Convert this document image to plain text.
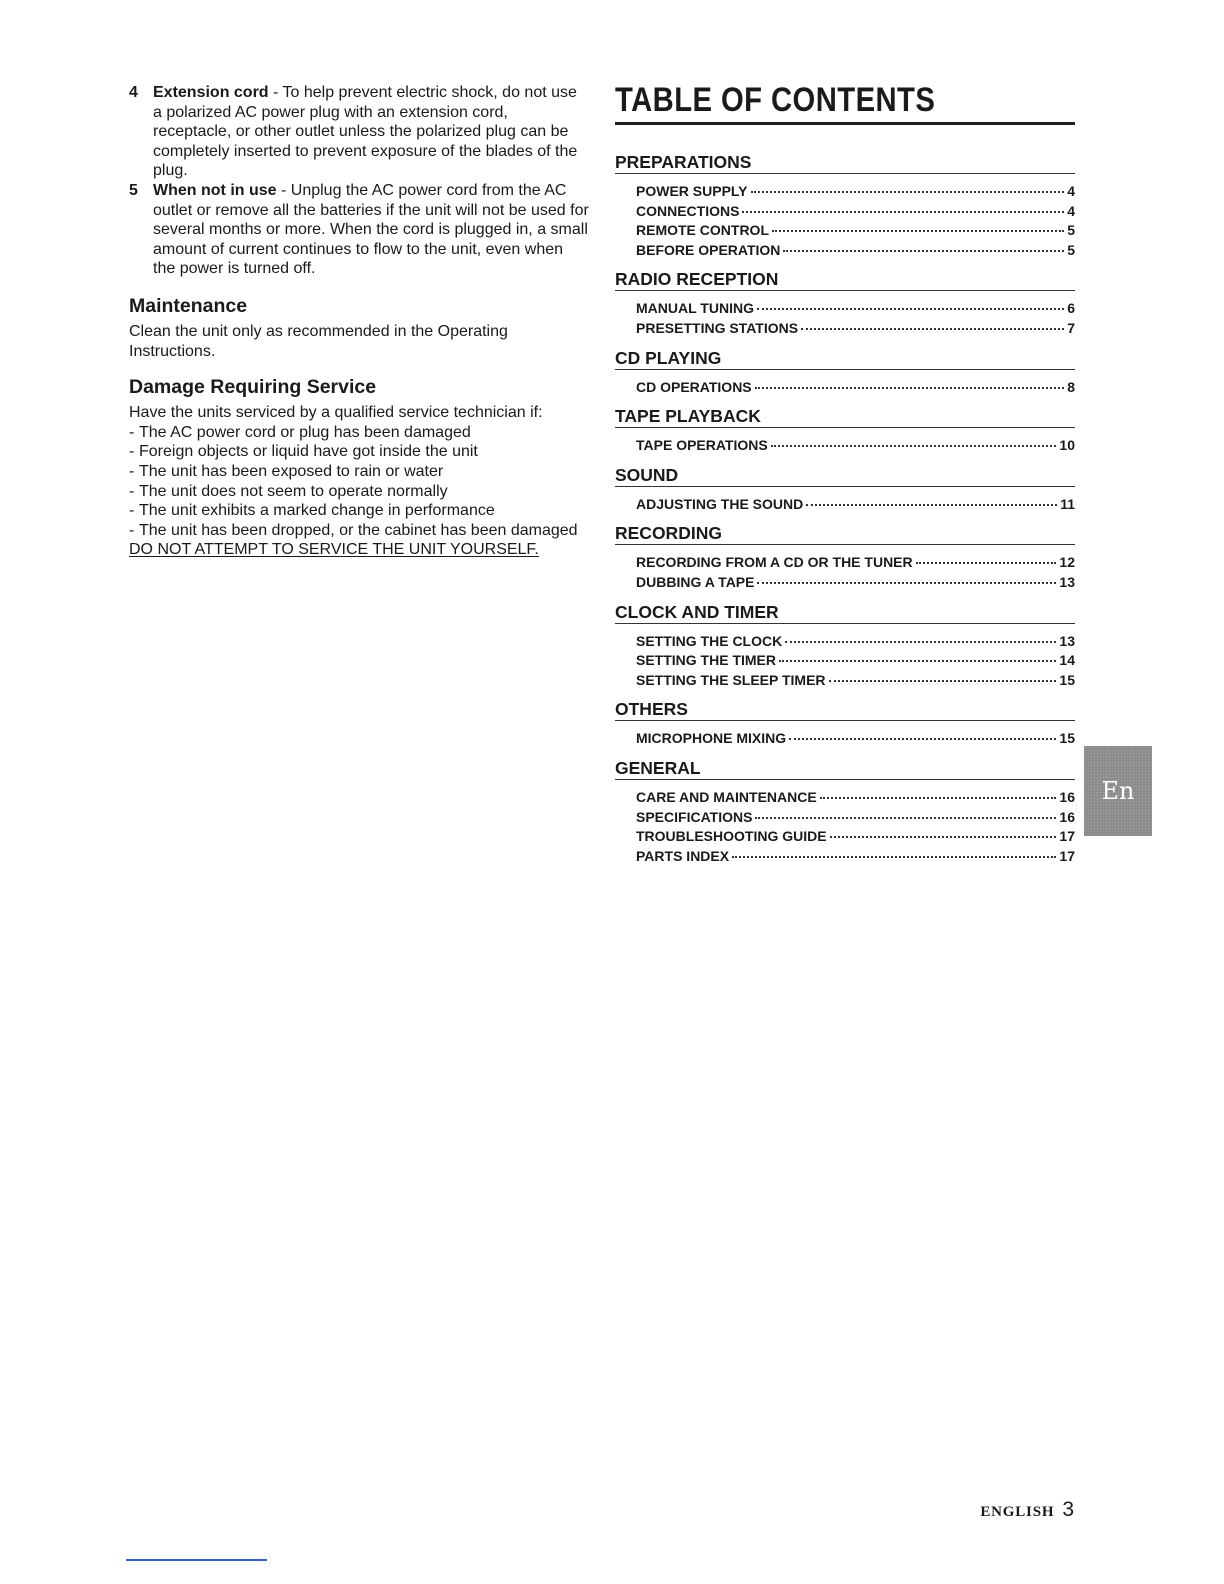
4 Extension cord - To help prevent electric shock, do not use a polarized AC power plug with an extension cord, receptacle, or other outlet unless the polarized plug can be completely inserted to prevent exposure of the blades of the plug.
5 When not in use - Unplug the AC power cord from the AC outlet or remove all the batteries if the unit will not be used for several months or more. When the cord is plugged in, a small amount of current continues to flow to the unit, even when the power is turned off.
Maintenance
Clean the unit only as recommended in the Operating Instructions.
Damage Requiring Service
Have the units serviced by a qualified service technician if:
- The AC power cord or plug has been damaged
- Foreign objects or liquid have got inside the unit
- The unit has been exposed to rain or water
- The unit does not seem to operate normally
- The unit exhibits a marked change in performance
- The unit has been dropped, or the cabinet has been damaged
DO NOT ATTEMPT TO SERVICE THE UNIT YOURSELF.
TABLE OF CONTENTS
PREPARATIONS
POWER SUPPLY	4
CONNECTIONS	4
REMOTE CONTROL	5
BEFORE OPERATION	5
RADIO RECEPTION
MANUAL TUNING	6
PRESETTING STATIONS	7
CD PLAYING
CD OPERATIONS	8
TAPE PLAYBACK
TAPE OPERATIONS	10
SOUND
ADJUSTING THE SOUND	11
RECORDING
RECORDING FROM A CD OR THE TUNER	12
DUBBING A TAPE	13
CLOCK AND TIMER
SETTING THE CLOCK	13
SETTING THE TIMER	14
SETTING THE SLEEP TIMER	15
OTHERS
MICROPHONE MIXING	15
GENERAL
CARE AND MAINTENANCE	16
SPECIFICATIONS	16
TROUBLESHOOTING GUIDE	17
PARTS INDEX	17
En
ENGLISH 3
